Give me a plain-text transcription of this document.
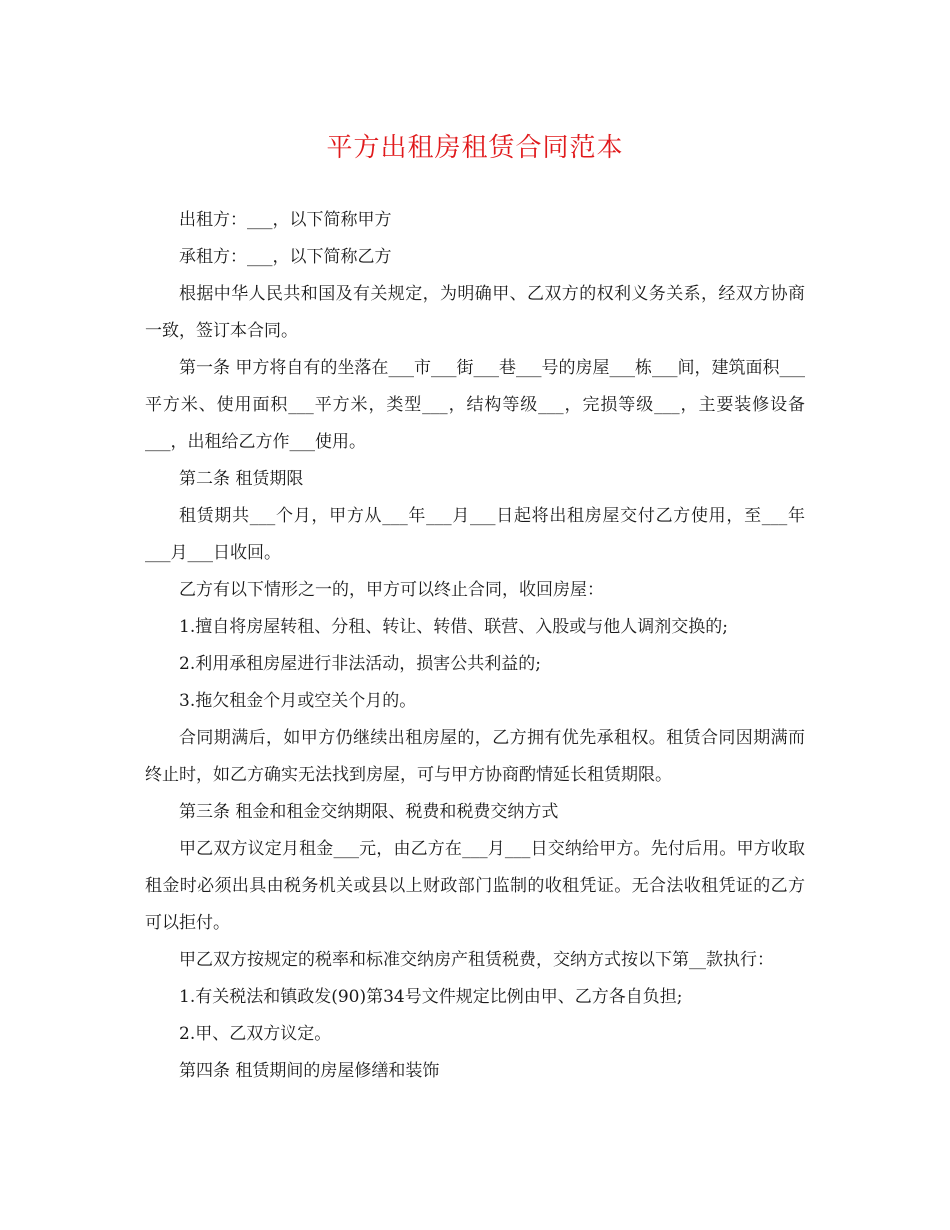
平方出租房租赁合同范本

出租方：___，以下简称甲方

承租方：___，以下简称乙方

根据中华人民共和国及有关规定，为明确甲、乙双方的权利义务关系，经双方协商一致，签订本合同。

第一条 甲方将自有的坐落在___市___街___巷___号的房屋___栋___间，建筑面积___平方米、使用面积___平方米，类型___，结构等级___，完损等级___，主要装修设备___，出租给乙方作___使用。

第二条 租赁期限

租赁期共___个月，甲方从___年___月___日起将出租房屋交付乙方使用，至___年___月___日收回。

乙方有以下情形之一的，甲方可以终止合同，收回房屋：

1.擅自将房屋转租、分租、转让、转借、联营、入股或与他人调剂交换的;

2.利用承租房屋进行非法活动，损害公共利益的;

3.拖欠租金个月或空关个月的。

合同期满后，如甲方仍继续出租房屋的，乙方拥有优先承租权。租赁合同因期满而终止时，如乙方确实无法找到房屋，可与甲方协商酌情延长租赁期限。

第三条 租金和租金交纳期限、税费和税费交纳方式

甲乙双方议定月租金___元，由乙方在___月___日交纳给甲方。先付后用。甲方收取租金时必须出具由税务机关或县以上财政部门监制的收租凭证。无合法收租凭证的乙方可以拒付。

甲乙双方按规定的税率和标准交纳房产租赁税费，交纳方式按以下第__款执行：

1.有关税法和镇政发(90)第34号文件规定比例由甲、乙方各自负担;

2.甲、乙双方议定。

第四条 租赁期间的房屋修缮和装饰
